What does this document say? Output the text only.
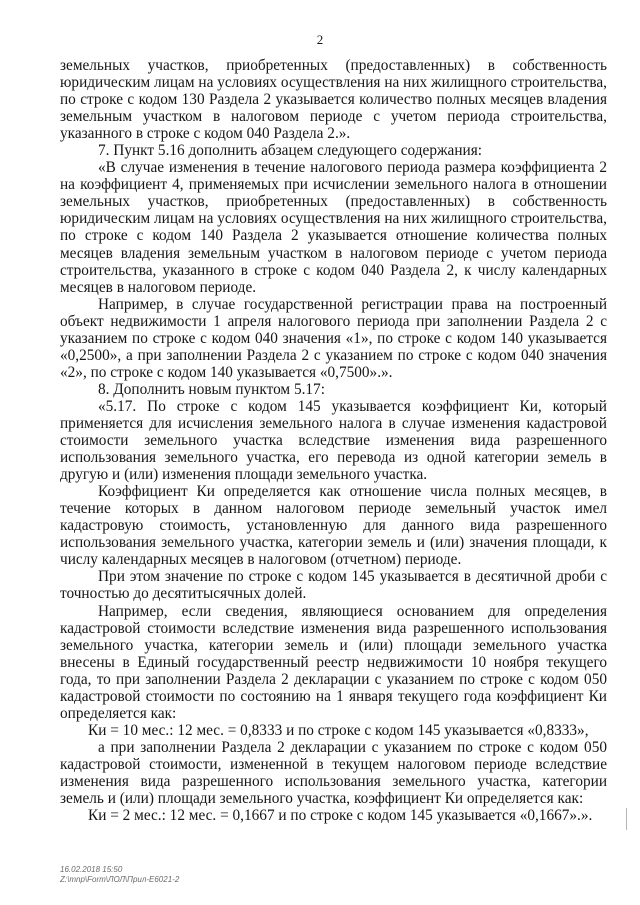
2

земельных участков, приобретенных (предоставленных) в собственность юридическим лицам на условиях осуществления на них жилищного строительства, по строке с кодом 130 Раздела 2 указывается количество полных месяцев владения земельным участком в налоговом периоде с учетом периода строительства, указанного в строке с кодом 040 Раздела 2.».

7. Пункт 5.16 дополнить абзацем следующего содержания:

«В случае изменения в течение налогового периода размера коэффициента 2 на коэффициент 4, применяемых при исчислении земельного налога в отношении земельных участков, приобретенных (предоставленных) в собственность юридическим лицам на условиях осуществления на них жилищного строительства, по строке с кодом 140 Раздела 2 указывается отношение количества полных месяцев владения земельным участком в налоговом периоде с учетом периода строительства, указанного в строке с кодом 040 Раздела 2, к числу календарных месяцев в налоговом периоде.

Например, в случае государственной регистрации права на построенный объект недвижимости 1 апреля налогового периода при заполнении Раздела 2 с указанием по строке с кодом 040 значения «1», по строке с кодом 140 указывается «0,2500», а при заполнении Раздела 2 с указанием по строке с кодом 040 значения «2», по строке с кодом 140 указывается «0,7500».».

8. Дополнить новым пунктом 5.17:

«5.17. По строке с кодом 145 указывается коэффициент Ки, который применяется для исчисления земельного налога в случае изменения кадастровой стоимости земельного участка вследствие изменения вида разрешенного использования земельного участка, его перевода из одной категории земель в другую и (или) изменения площади земельного участка.

Коэффициент Ки определяется как отношение числа полных месяцев, в течение которых в данном налоговом периоде земельный участок имел кадастровую стоимость, установленную для данного вида разрешенного использования земельного участка, категории земель и (или) значения площади, к числу календарных месяцев в налоговом (отчетном) периоде.

При этом значение по строке с кодом 145 указывается в десятичной дроби с точностью до десятитысячных долей.

Например, если сведения, являющиеся основанием для определения кадастровой стоимости вследствие изменения вида разрешенного использования земельного участка, категории земель и (или) площади земельного участка внесены в Единый государственный реестр недвижимости 10 ноября текущего года, то при заполнении Раздела 2 декларации с указанием по строке с кодом 050 кадастровой стоимости по состоянию на 1 января текущего года коэффициент Ки определяется как:

Ки = 10 мес.: 12 мес. = 0,8333 и по строке с кодом 145 указывается «0,8333»,

а при заполнении Раздела 2 декларации с указанием по строке с кодом 050 кадастровой стоимости, измененной в текущем налоговом периоде вследствие изменения вида разрешенного использования земельного участка, категории земель и (или) площади земельного участка, коэффициент Ки определяется как:

Ки = 2 мес.: 12 мес. = 0,1667 и по строке с кодом 145 указывается «0,1667».».

16.02.2018 15:50
Z:\mnp\Form\ЛОЛ\Прил-E6021-2
